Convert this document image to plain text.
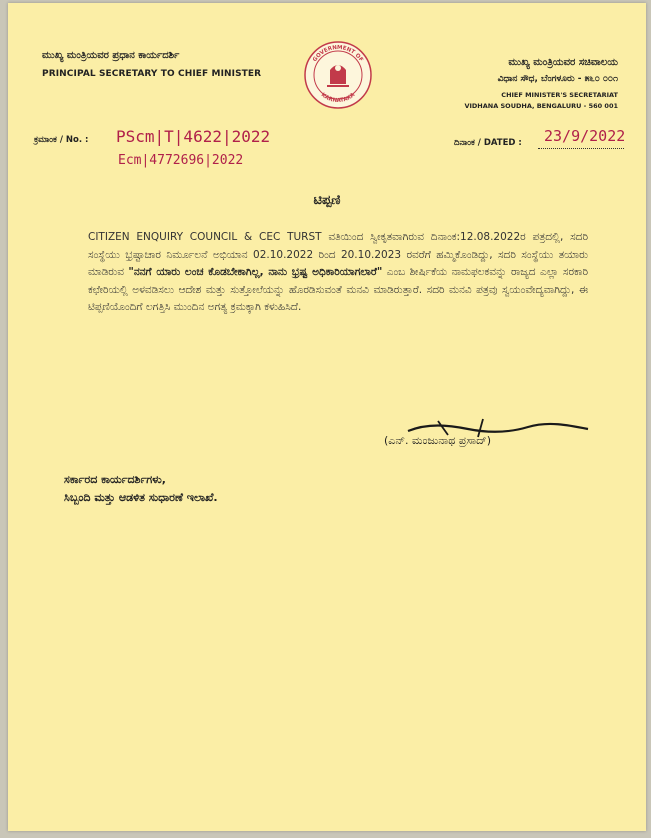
ಮುಖ್ಯ ಮಂತ್ರಿಯವರ ಪ್ರಧಾನ ಕಾರ್ಯದರ್ಶಿ
PRINCIPAL SECRETARY TO CHIEF MINISTER
GOVERNMENT OF
KARNATAKA
ಮುಖ್ಯ ಮಂತ್ರಿಯವರ ಸಚಿವಾಲಯ
ವಿಧಾನ ಸೌಧ, ಬೆಂಗಳೂರು - ೫೬೦ ೦೦೧
CHIEF MINISTER'S SECRETARIAT
VIDHANA SOUDHA, BENGALURU - 560 001
ಕ್ರಮಾಂಕ / No. : PScm|T|4622|2022
Ecm|4772696|2022
ದಿನಾಂಕ / DATED : 23/9/2022
ಟಿಪ್ಪಣಿ
CITIZEN ENQUIRY COUNCIL & CEC TURST ವತಿಯಿಂದ ಸ್ವೀಕೃತವಾಗಿರುವ ದಿನಾಂಕ:12.08.2022ರ ಪತ್ರದಲ್ಲಿ, ಸದರಿ ಸಂಸ್ಥೆಯು ಭ್ರಷ್ಟಾಚಾರ ನಿರ್ಮೂಲನೆ ಅಭಿಯಾನ 02.10.2022 ರಿಂದ 20.10.2023 ರವರೆಗೆ ಹಮ್ಮಿಕೊಂಡಿದ್ದು, ಸದರಿ ಸಂಸ್ಥೆಯು ತಯಾರು ಮಾಡಿರುವ "ನನಗೆ ಯಾರು ಲಂಚ ಕೊಡಬೇಕಾಗಿಲ್ಲ, ನಾನು ಭ್ರಷ್ಟ ಅಧಿಕಾರಿಯಾಗಲಾರೆ" ಎಂಬ ಶೀರ್ಷಿಕೆಯ ನಾಮಫಲಕವನ್ನು ರಾಜ್ಯದ ಎಲ್ಲಾ ಸರಕಾರಿ ಕಛೇರಿಯಲ್ಲಿ ಅಳವಡಿಸಲು ಆದೇಶ ಮತ್ತು ಸುತ್ತೋಲೆಯನ್ನು ಹೊರಡಿಸುವಂತೆ ಮನವಿ ಮಾಡಿರುತ್ತಾರೆ. ಸದರಿ ಮನವಿ ಪತ್ರವು ಸ್ವಯಂವೇದ್ಯವಾಗಿದ್ದು, ಈ ಟಿಪ್ಪಣಿಯೊಂದಿಗೆ ಲಗತ್ತಿಸಿ ಮುಂದಿನ ಅಗತ್ಯ ಕ್ರಮಕ್ಕಾಗಿ ಕಳುಹಿಸಿದೆ.
(ಎನ್. ಮಂಜುನಾಥ ಪ್ರಸಾದ್)
ಸರ್ಕಾರದ ಕಾರ್ಯದರ್ಶಿಗಳು,
ಸಿಬ್ಬಂದಿ ಮತ್ತು ಆಡಳಿತ ಸುಧಾರಣೆ ಇಲಾಖೆ.
